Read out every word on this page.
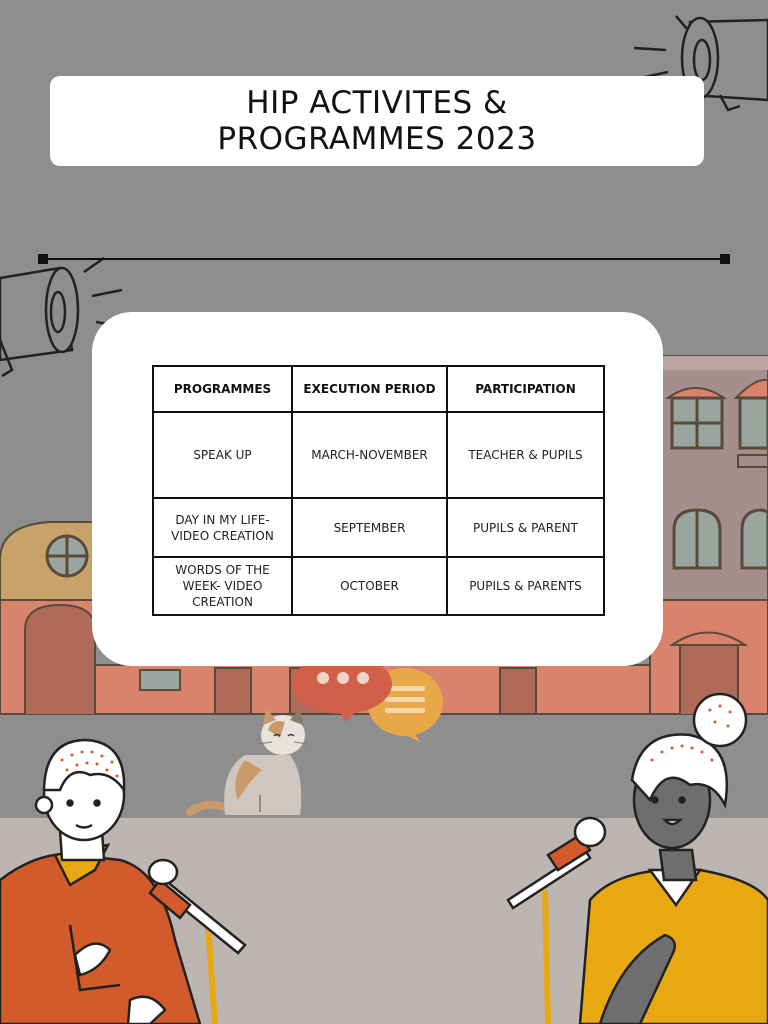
HIP ACTIVITES &
PROGRAMMES 2023
PROGRAMMES	EXECUTION PERIOD	PARTICIPATION
SPEAK UP	MARCH-NOVEMBER	TEACHER & PUPILS
DAY IN MY LIFE- VIDEO CREATION	SEPTEMBER	PUPILS & PARENT
WORDS OF THE WEEK- VIDEO CREATION	OCTOBER	PUPILS & PARENTS
